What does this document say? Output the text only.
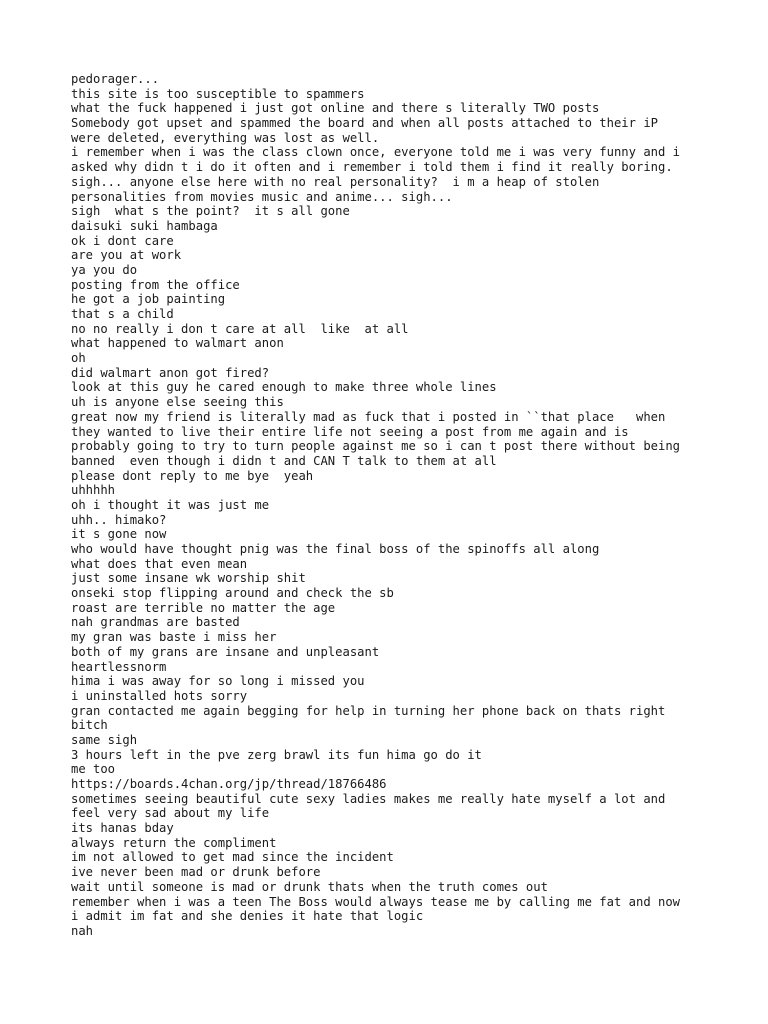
pedorager...
this site is too susceptible to spammers
what the fuck happened i just got online and there s literally TWO posts
Somebody got upset and spammed the board and when all posts attached to their iP
were deleted, everything was lost as well.
i remember when i was the class clown once, everyone told me i was very funny and i
asked why didn t i do it often and i remember i told them i find it really boring.
sigh... anyone else here with no real personality?  i m a heap of stolen
personalities from movies music and anime... sigh...
sigh  what s the point?  it s all gone
daisuki suki hambaga
ok i dont care
are you at work
ya you do
posting from the office
he got a job painting
that s a child
no no really i don t care at all  like  at all
what happened to walmart anon
oh
did walmart anon got fired?
look at this guy he cared enough to make three whole lines
uh is anyone else seeing this
great now my friend is literally mad as fuck that i posted in ``that place   when
they wanted to live their entire life not seeing a post from me again and is
probably going to try to turn people against me so i can t post there without being
banned  even though i didn t and CAN T talk to them at all
please dont reply to me bye  yeah
uhhhhh
oh i thought it was just me
uhh.. himako?
it s gone now
who would have thought pnig was the final boss of the spinoffs all along
what does that even mean
just some insane wk worship shit
onseki stop flipping around and check the sb
roast are terrible no matter the age
nah grandmas are basted
my gran was baste i miss her
both of my grans are insane and unpleasant
heartlessnorm
hima i was away for so long i missed you
i uninstalled hots sorry
gran contacted me again begging for help in turning her phone back on thats right
bitch
same sigh
3 hours left in the pve zerg brawl its fun hima go do it
me too
https://boards.4chan.org/jp/thread/18766486
sometimes seeing beautiful cute sexy ladies makes me really hate myself a lot and
feel very sad about my life
its hanas bday
always return the compliment
im not allowed to get mad since the incident
ive never been mad or drunk before
wait until someone is mad or drunk thats when the truth comes out
remember when i was a teen The Boss would always tease me by calling me fat and now
i admit im fat and she denies it hate that logic
nah
